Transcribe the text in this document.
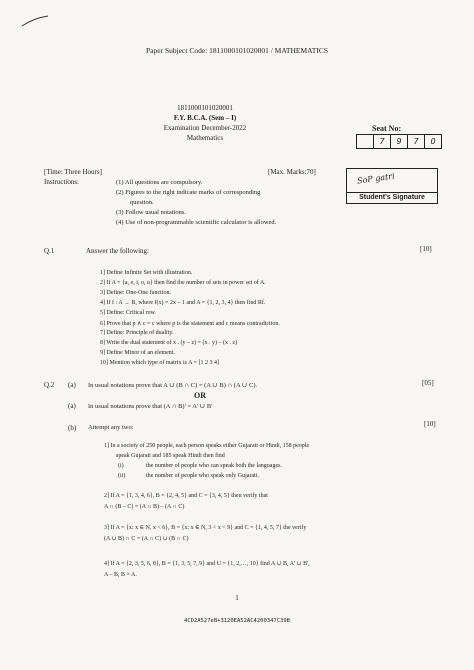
Paper Subject Code: 1811000101020001 / MATHEMATICS
1811000101020001
F.Y. B.C.A. (Sem – I)
Examination December-2022
Mathematics
Seat No:
7	9	7	0
SoP gatri
Student's Signature
[Time: Three Hours]	[Max. Marks:70]
Instructions:	(1) All questions are compulsory.
(2) Figures to the right indicate marks of corresponding
question.
(3) Follow usual notations.
(4) Use of non-programmable scientific calculator is allowed.
Q.1	Answer the following:	[10]
1] Define Infinite Set with illustration.
2] If A = {a, e, i, o, u} then find the number of sets in power set of A.
3] Define: One-One function.
4] If f : A → B, where f(x) = 2x – 1 and A = {1, 2, 3, 4} then find Rf.
5] Define: Critical row.
6] Prove that p ∧ c = c where p is the statement and c means contradiction.
7] Define: Principle of duality.
8] Write the dual statement of x . (y – z) = (x . y) – (x . z)
9] Define Minor of an element.
10] Mention which type of matrix is A = [1 2 3 4]
Q.2 (a) In usual notations prove that A ∪ (B ∩ C) = (A ∪ B) ∩ (A ∪ C).	[05]
OR
(a) In usual notations prove that (A ∩ B)' = A' ∪ B'
(b) Attempt any two:	[10]
1] In a society of 250 people, each person speaks either Gujarati or Hindi, 158 people
speak Gujarati and 185 speak Hindi then find
(i)	the number of people who can speak both the languages.
(ii)	the number of people who speak only Gujarati.
2] If A = {1, 3, 4, 6}, B = {2, 4, 5} and C = {3, 4, 5} then verify that
A ∩ (B – C) = (A ∩ B) – (A ∩ C)
3] If A = {x: x ∈ N, x < 6}, B = {x: x ∈ N, 3 < x < 9} and C = {1, 4, 5, 7} the verify
(A ∪ B) ∩ C = (A ∩ C) ∪ (B ∩ C)
4] If A = {2, 3, 5, 6, 8}, B = {1, 3, 5, 7, 9} and U = {1, 2,…, 10} find A ∪ B, A' ∪ B',
A – B, B × A.
1
4CD2A527eB+3120EA52AC4200347C39B
